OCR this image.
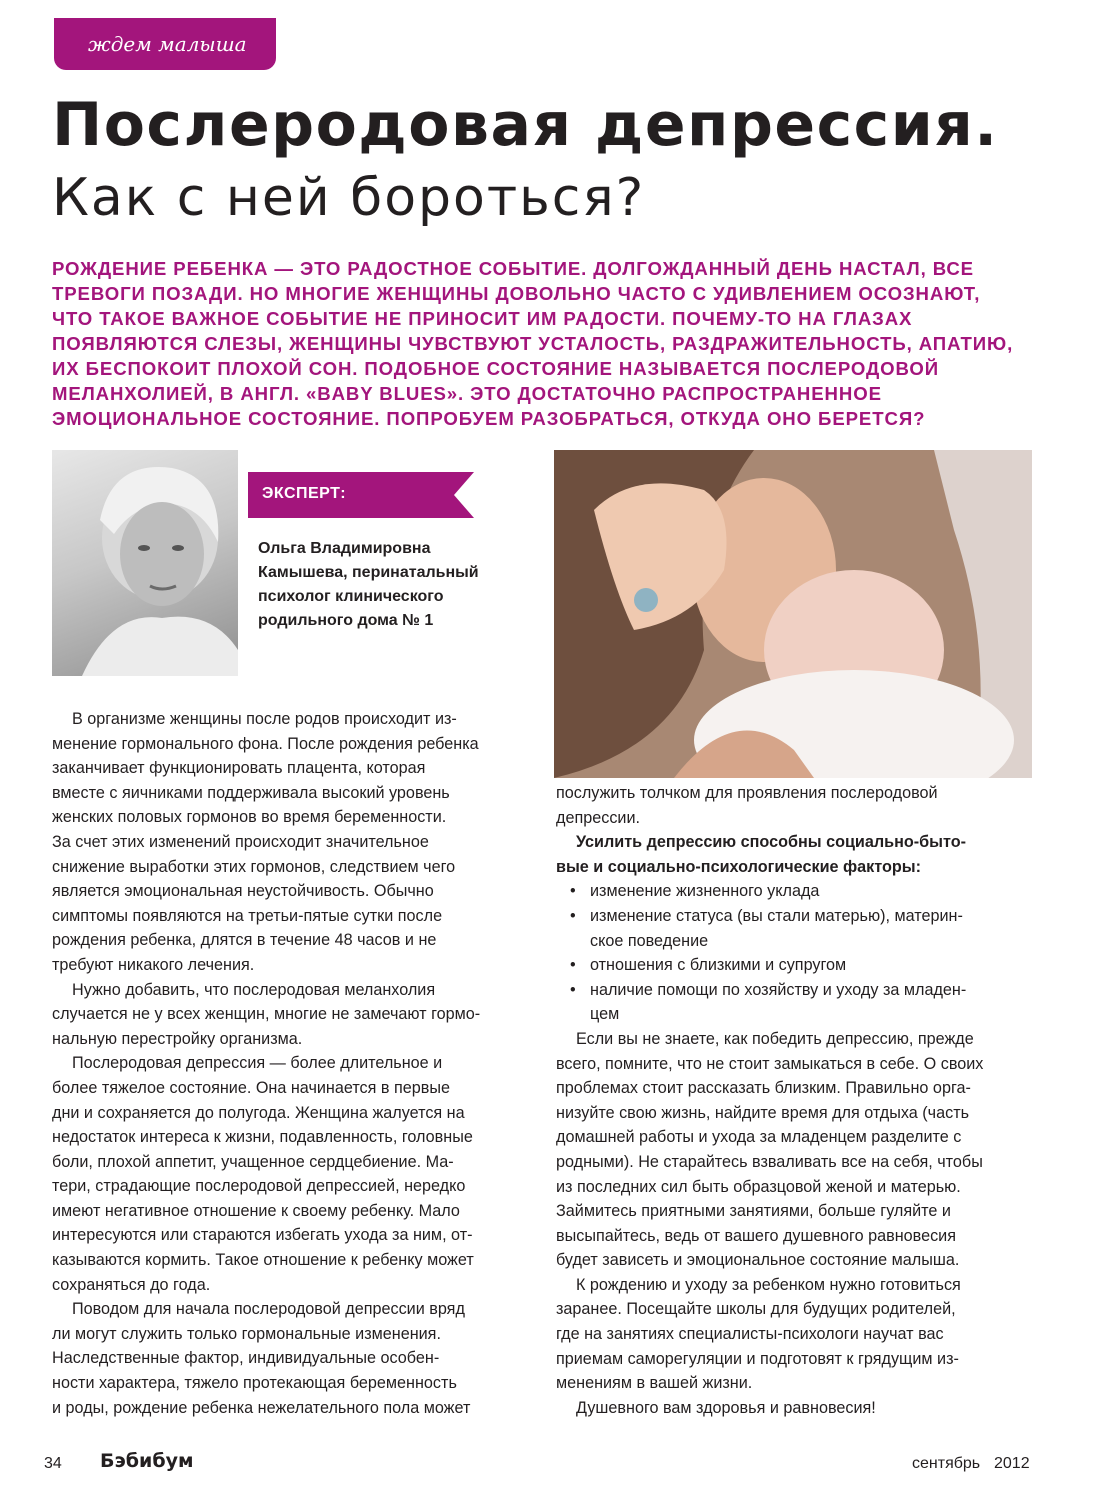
ждем малыша
Послеродовая депрессия.
Как с ней бороться?
РОЖДЕНИЕ РЕБЕНКА — ЭТО РАДОСТНОЕ СОБЫТИЕ. ДОЛГОЖДАННЫЙ ДЕНЬ НАСТАЛ, ВСЕ
ТРЕВОГИ ПОЗАДИ. НО МНОГИЕ ЖЕНЩИНЫ ДОВОЛЬНО ЧАСТО С УДИВЛЕНИЕМ ОСОЗНАЮТ,
ЧТО ТАКОЕ ВАЖНОЕ СОБЫТИЕ НЕ ПРИНОСИТ ИМ РАДОСТИ. ПОЧЕМУ-ТО НА ГЛАЗАХ
ПОЯВЛЯЮТСЯ СЛЕЗЫ, ЖЕНЩИНЫ ЧУВСТВУЮТ УСТАЛОСТЬ, РАЗДРАЖИТЕЛЬНОСТЬ, АПАТИЮ,
ИХ БЕСПОКОИТ ПЛОХОЙ СОН. ПОДОБНОЕ СОСТОЯНИЕ НАЗЫВАЕТСЯ ПОСЛЕРОДОВОЙ
МЕЛАНХОЛИЕЙ, В АНГЛ. «BABY BLUES». ЭТО ДОСТАТОЧНО РАСПРОСТРАНЕННОЕ
ЭМОЦИОНАЛЬНОЕ СОСТОЯНИЕ. ПОПРОБУЕМ РАЗОБРАТЬСЯ, ОТКУДА ОНО БЕРЕТСЯ?
ЭКСПЕРТ:
Ольга Владимировна
Камышева, перинатальный
психолог клинического
родильного дома № 1
В организме женщины после родов происходит из-
менение гормонального фона. После рождения ребенка
заканчивает функционировать плацента, которая
вместе с яичниками поддерживала высокий уровень
женских половых гормонов во время беременности.
За счет этих изменений происходит значительное
снижение выработки этих гормонов, следствием чего
является эмоциональная неустойчивость. Обычно
симптомы появляются на третьи-пятые сутки после
рождения ребенка, длятся в течение 48 часов и не
требуют никакого лечения.
Нужно добавить, что послеродовая меланхолия
случается не у всех женщин, многие не замечают гормо-
нальную перестройку организма.
Послеродовая депрессия — более длительное и
более тяжелое состояние. Она начинается в первые
дни и сохраняется до полугода. Женщина жалуется на
недостаток интереса к жизни, подавленность, головные
боли, плохой аппетит, учащенное сердцебиение. Ма-
тери, страдающие послеродовой депрессией, нередко
имеют негативное отношение к своему ребенку. Мало
интересуются или стараются избегать ухода за ним, от-
казываются кормить. Такое отношение к ребенку может
сохраняться до года.
Поводом для начала послеродовой депрессии вряд
ли могут служить только гормональные изменения.
Наследственные фактор, индивидуальные особен-
ности характера, тяжело протекающая беременность
и роды, рождение ребенка нежелательного пола может
послужить толчком для проявления послеродовой
депрессии.
Усилить депрессию способны социально-быто-
вые и социально-психологические факторы:
• изменение жизненного уклада
• изменение статуса (вы стали матерью), материн-
ское поведение
• отношения с близкими и супругом
• наличие помощи по хозяйству и уходу за младен-
цем
Если вы не знаете, как победить депрессию, прежде
всего, помните, что не стоит замыкаться в себе. О своих
проблемах стоит рассказать близким. Правильно орга-
низуйте свою жизнь, найдите время для отдыха (часть
домашней работы и ухода за младенцем разделите с
родными). Не старайтесь взваливать все на себя, чтобы
из последних сил быть образцовой женой и матерью.
Займитесь приятными занятиями, больше гуляйте и
высыпайтесь, ведь от вашего душевного равновесия
будет зависеть и эмоциональное состояние малыша.
К рождению и уходу за ребенком нужно готовиться
заранее. Посещайте школы для будущих родителей,
где на занятиях специалисты-психологи научат вас
приемам саморегуляции и подготовят к грядущим из-
менениям в вашей жизни.
Душевного вам здоровья и равновесия!
34 Бэбибум	сентябрь 2012
